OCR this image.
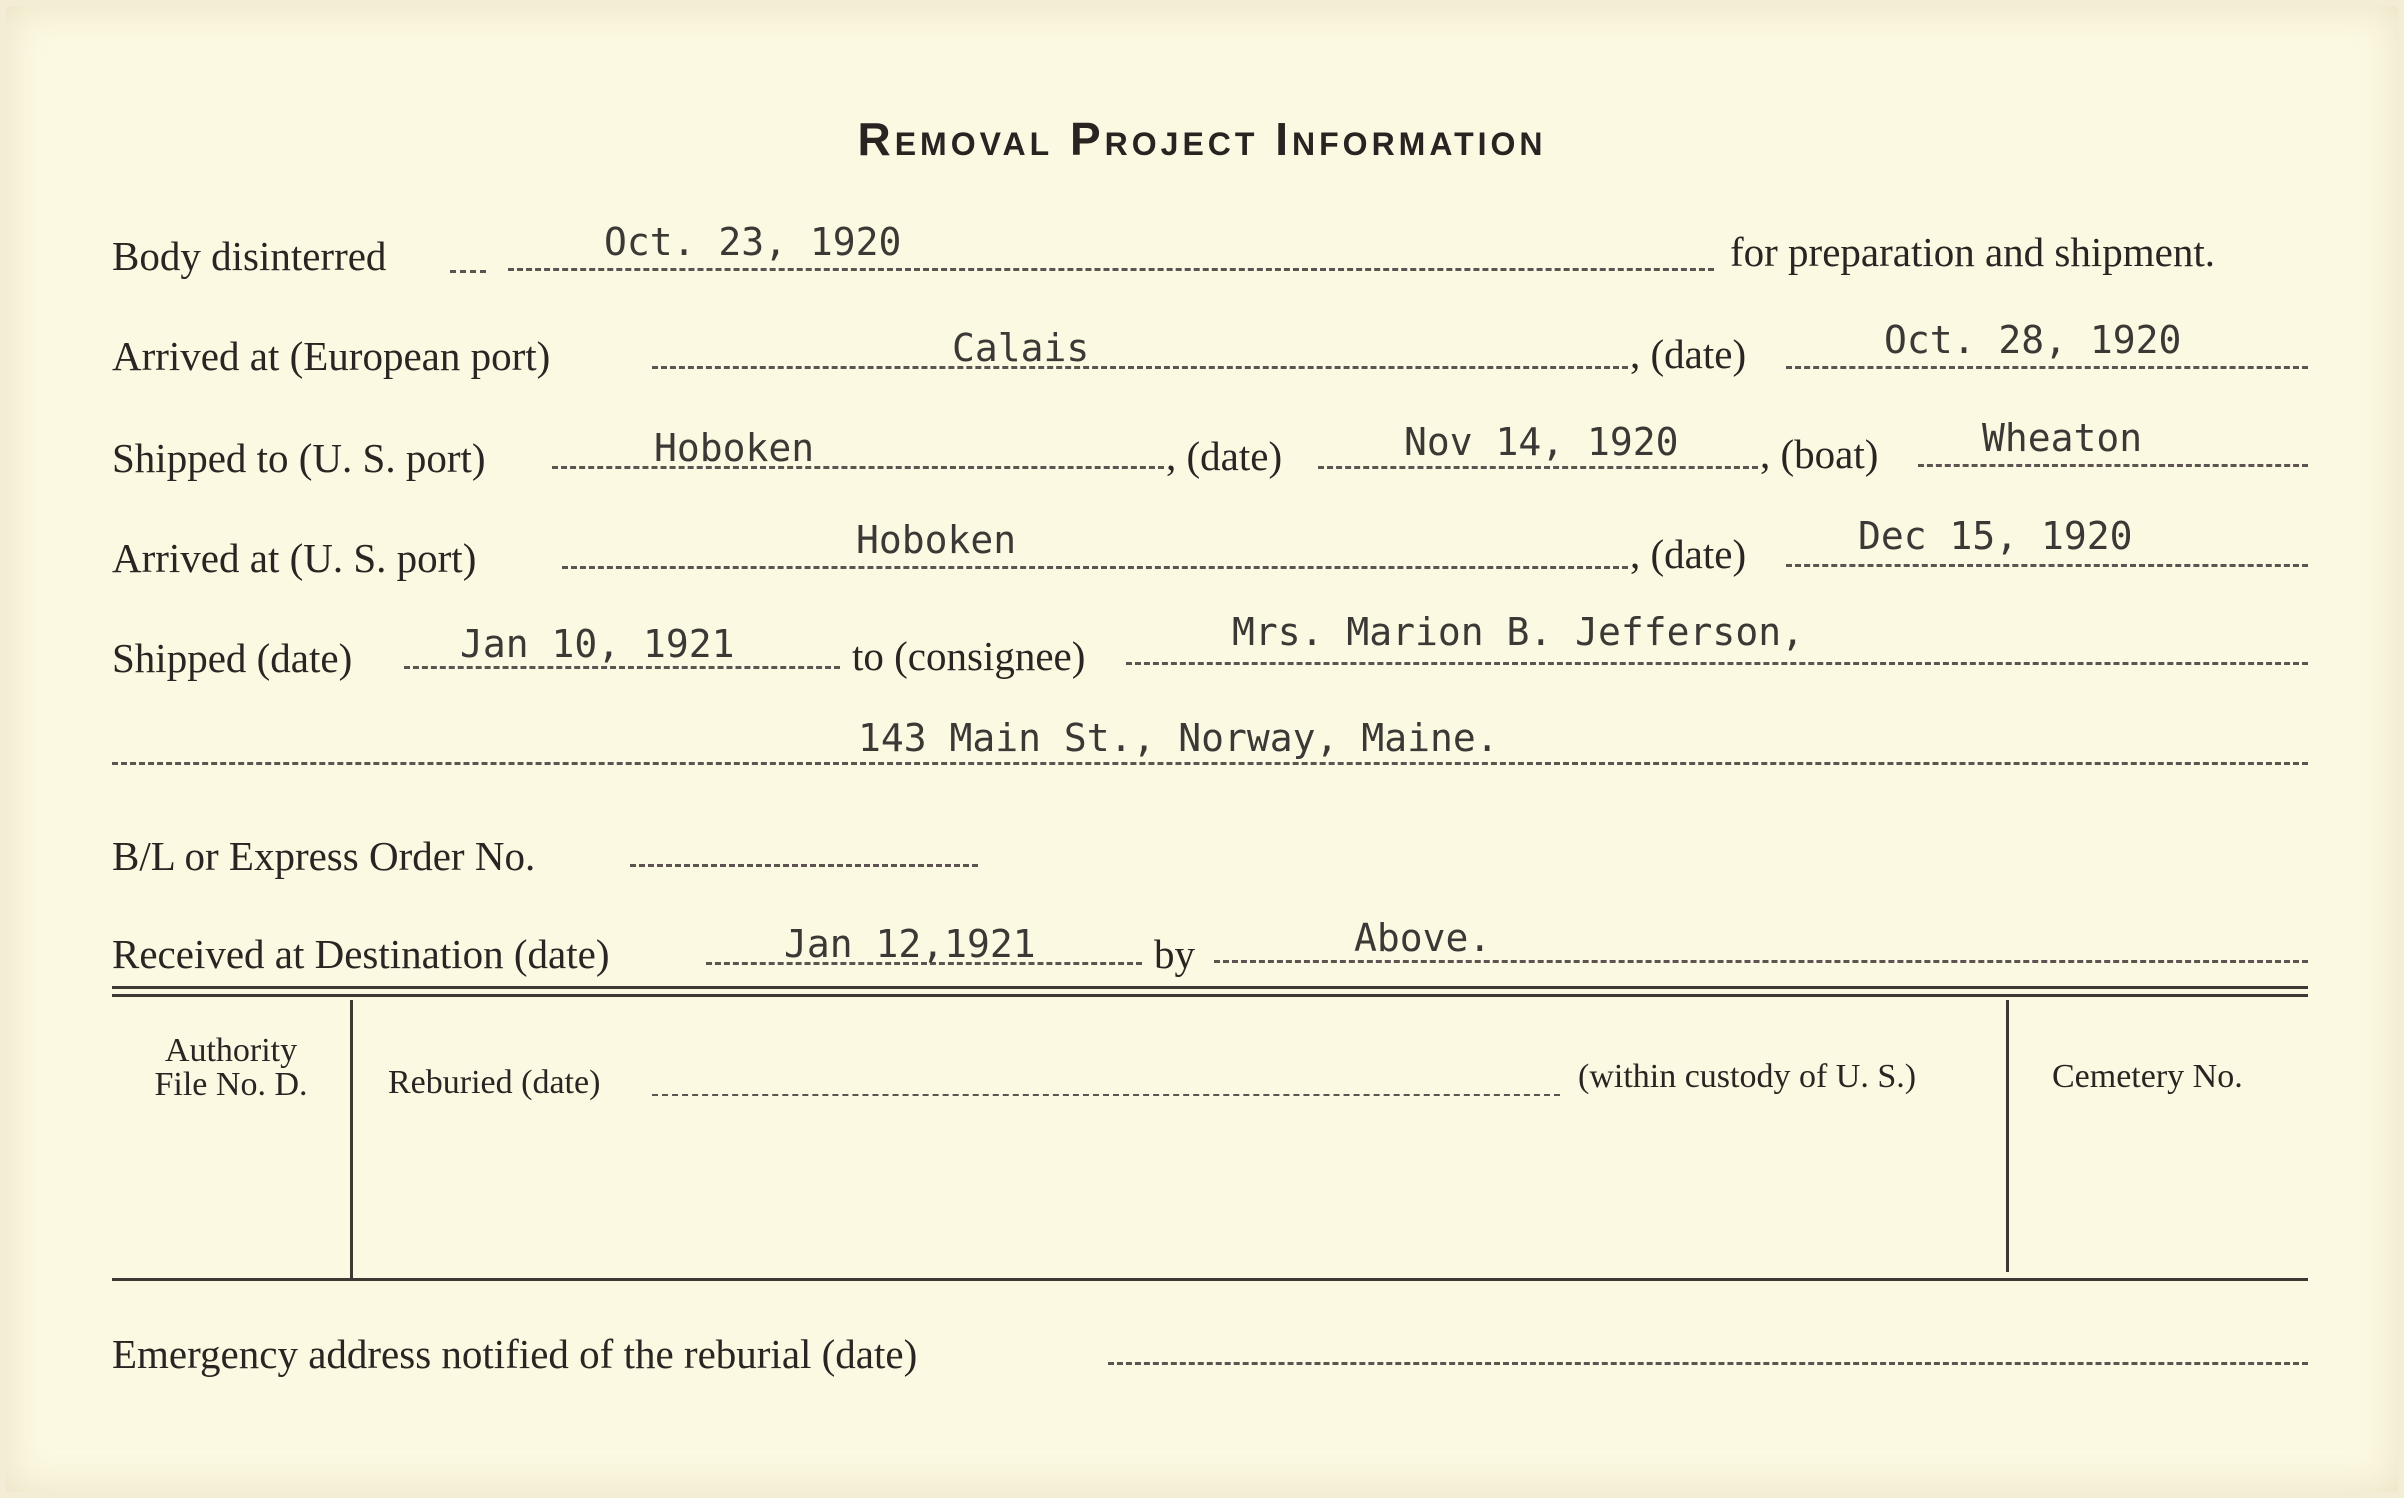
Removal Project Information
Body disinterred	Oct. 23, 1920	for preparation and shipment.
Arrived at (European port)	Calais	, (date)	Oct. 28, 1920
Shipped to (U. S. port)	Hoboken	, (date)	Nov 14, 1920 , (boat)	Wheaton
Arrived at (U. S. port)	Hoboken	, (date)	Dec 15, 1920
Shipped (date)	Jan 10, 1921	to (consignee)
Mrs. Marion B. Jefferson,
143 Main St., Norway, Maine.
B/L or Express Order No.
Received at Destination (date)	Jan 12,1921	by	Above.
Authority
File No. D.	Reburied (date)	(within custody of U. S.)	Cemetery No.
Emergency address notified of the reburial (date)
